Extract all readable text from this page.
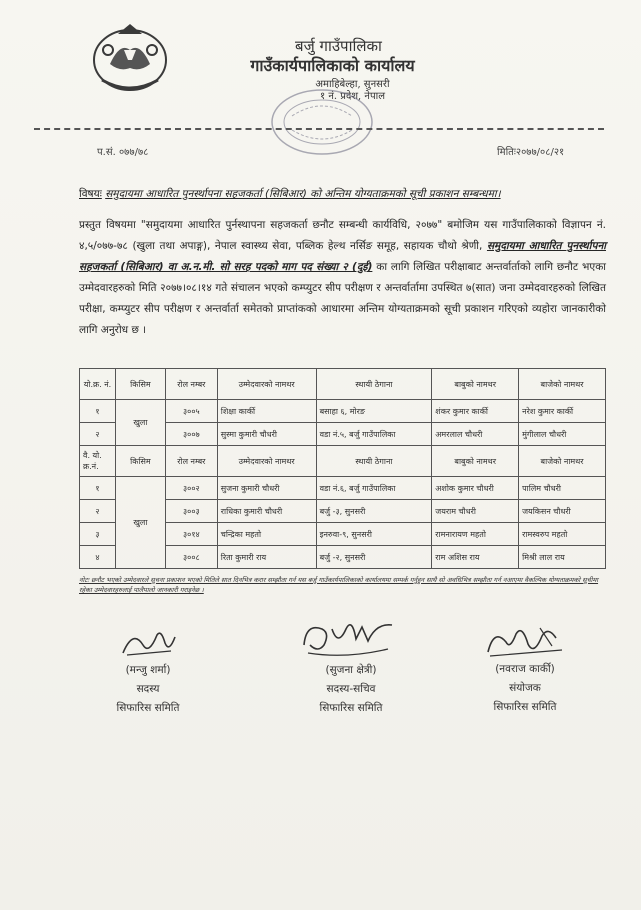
बर्जु गाउँपालिका
गाउँकार्यपालिकाको कार्यालय
अमाहिबेल्हा, सुनसरी
१ नं. प्रदेश, नेपाल
प.सं. ०७७/७८	मितिः२०७७/०८/२१
विषयः समुदायमा आधारित पुनर्स्थापना सहजकर्ता (सिबिआर) को अन्तिम योग्यताक्रमको सूची प्रकाशन सम्बन्धमा।
प्रस्तुत विषयमा "समुदायमा आधारित पुर्नस्थापना सहजकर्ता छनौट सम्बन्धी कार्यविधि, २०७७" बमोजिम यस गाउँपालिकाको विज्ञापन नं. ४,५/०७७-७८ (खुला तथा अपाङ्ग), नेपाल स्वास्थ्य सेवा, पब्लिक हेल्थ नर्सिङ समूह, सहायक चौथो श्रेणी, समुदायमा आधारित पुनर्स्थापना सहजकर्ता (सिबिआर) वा अ.न.मी. सो सरह पदको माग पद संख्या २ (दुई) का लागि लिखित परीक्षाबाट अन्तर्वार्ताको लागि छनौट भएका उम्मेदवारहरुको मिति २०७७।०८।१४ गते संचालन भएको कम्प्युटर सीप परीक्षण र अन्तर्वार्तामा उपस्थित ७(सात) जना उम्मेदवारहरुको लिखित परीक्षा, कम्प्युटर सीप परीक्षण र अन्तर्वार्ता समेतको प्राप्तांकको आधारमा अन्तिम योग्यताक्रमको सूची प्रकाशन गरिएको व्यहोरा जानकारीको लागि अनुरोध छ ।
यो.क्र. नं.	किसिम	रोल नम्बर	उम्मेदवारको नामथर	स्थायी ठेगाना	बाबुको नामथर	बाजेको नामथर
१	खुला	३००५	शिक्षा कार्की	बसाहा ६, मोरङ	शंकर कुमार कार्की	नरेश कुमार कार्की
२		३००७	सुस्मा कुमारी चौधरी	वडा नं.५, बर्जु गाउँपालिका	अमरलाल चौधरी	मुंगीलाल चौधरी
वै. यो. क्र.नं.	किसिम	रोल नम्बर	उम्मेदवारको नामथर	स्थायी ठेगाना	बाबुको नामथर	बाजेको नामथर
१	खुला	३००२	सुजना कुमारी चौधरी	वडा नं.६, बर्जु गाउँपालिका	अशोक कुमार चौधरी	पालिम चौधरी
२		३००३	राधिका कुमारी चौधरी	बर्जु -३, सुनसरी	जयराम चौधरी	जयकिसन चौधरी
३		३०१४	चन्द्रिका महतो	इनरुवा-९, सुनसरी	रामनारायण महतो	रामस्वरुप महतो
४		३००८	रिता कुमारी राय	बर्जु -२, सुनसरी	राम अशिस राय	मिश्री लाल राय
नोटः छनौट भएको उम्मेदवारले सूचना प्रकाशन भएको मितिले सात दिनभित्र करार सम्झौता गर्न यस बर्जु गाउँकार्यपालिकाको कार्यालयमा सम्पर्क गर्नुहुन साथै सो अवधिभित्र सम्झौता गर्न नआएमा वैकल्पिक योग्यताक्रमको सूचीमा रहेका उम्मेदवारहरुलाई पालैपालो जानकारी गराइनेछ ।
(मन्जु शर्मा)
सदस्य
सिफारिस समिति
(सुजना क्षेत्री)
सदस्य-सचिव
सिफारिस समिति
(नवराज कार्की)
संयोजक
सिफारिस समिति
